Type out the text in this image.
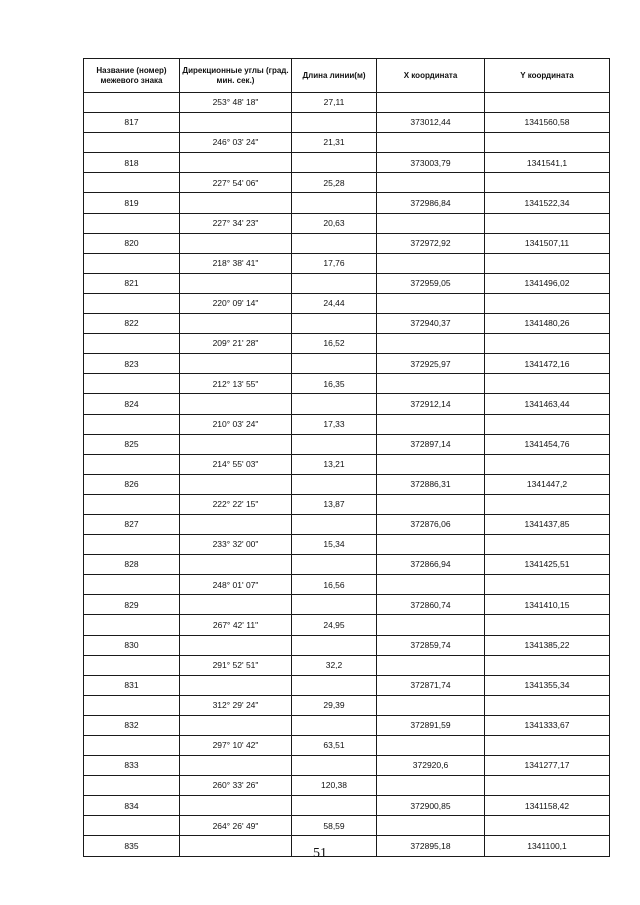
Название (номер) межевого знака	Дирекционные углы (град. мин. сек.)	Длина линии(м)	X координата	Y координата
	253° 48' 18"	27,11		
817			373012,44	1341560,58
	246° 03' 24"	21,31		
818			373003,79	1341541,1
	227° 54' 06"	25,28		
819			372986,84	1341522,34
	227° 34' 23"	20,63		
820			372972,92	1341507,11
	218° 38' 41"	17,76		
821			372959,05	1341496,02
	220° 09' 14"	24,44		
822			372940,37	1341480,26
	209° 21' 28"	16,52		
823			372925,97	1341472,16
	212° 13' 55"	16,35		
824			372912,14	1341463,44
	210° 03' 24"	17,33		
825			372897,14	1341454,76
	214° 55' 03"	13,21		
826			372886,31	1341447,2
	222° 22' 15"	13,87		
827			372876,06	1341437,85
	233° 32' 00"	15,34		
828			372866,94	1341425,51
	248° 01' 07"	16,56		
829			372860,74	1341410,15
	267° 42' 11"	24,95		
830			372859,74	1341385,22
	291° 52' 51"	32,2		
831			372871,74	1341355,34
	312° 29' 24"	29,39		
832			372891,59	1341333,67
	297° 10' 42"	63,51		
833			372920,6	1341277,17
	260° 33' 26"	120,38		
834			372900,85	1341158,42
	264° 26' 49"	58,59		
835			372895,18	1341100,1
51
